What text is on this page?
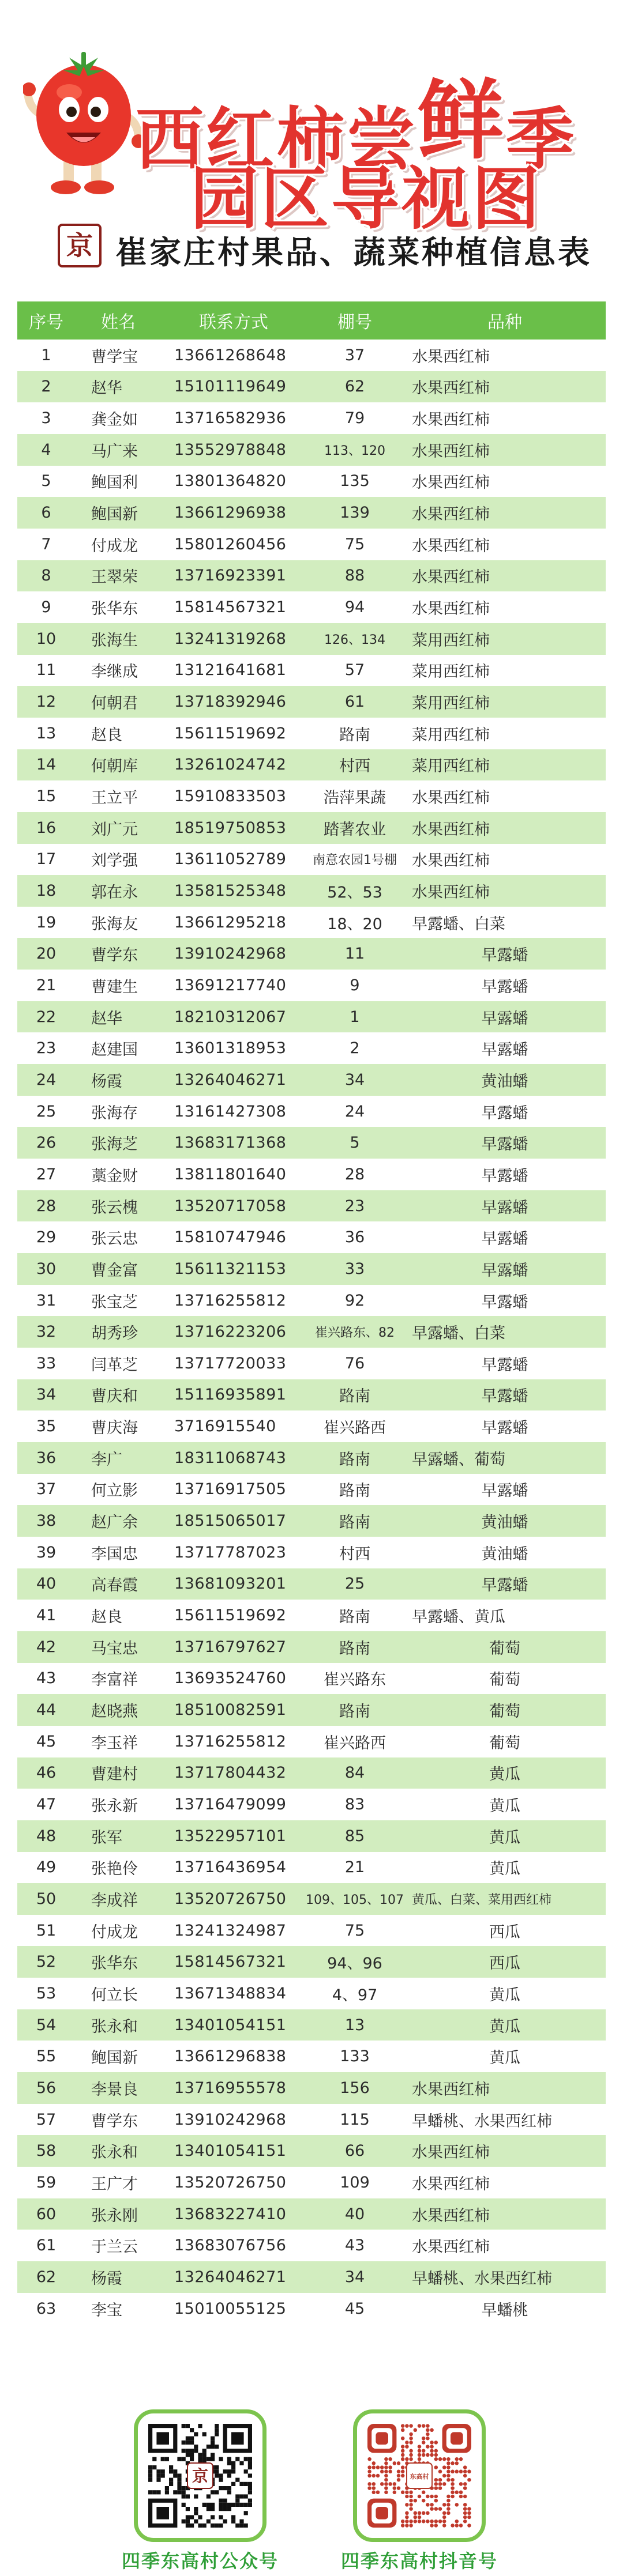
西红柿尝鲜季
园区导视图
京 崔家庄村果品、蔬菜种植信息表
序号	姓名	联系方式	棚号	品种
1	曹学宝	13661268648	37	水果西红柿
2	赵华	15101119649	62	水果西红柿
3	龚金如	13716582936	79	水果西红柿
4	马广来	13552978848	113、120	水果西红柿
5	鲍国利	13801364820	135	水果西红柿
6	鲍国新	13661296938	139	水果西红柿
7	付成龙	15801260456	75	水果西红柿
8	王翠荣	13716923391	88	水果西红柿
9	张华东	15814567321	94	水果西红柿
10	张海生	13241319268	126、134	菜用西红柿
11	李继成	13121641681	57	菜用西红柿
12	何朝君	13718392946	61	菜用西红柿
13	赵良	15611519692	路南	菜用西红柿
14	何朝库	13261024742	村西	菜用西红柿
15	王立平	15910833503	浩萍果蔬	水果西红柿
16	刘广元	18519750853	踏著农业	水果西红柿
17	刘学强	13611052789	南意农园1号棚	水果西红柿
18	郭在永	13581525348	52、53	水果西红柿
19	张海友	13661295218	18、20	早露蟠、白菜
20	曹学东	13910242968	11	早露蟠
21	曹建生	13691217740	9	早露蟠
22	赵华	18210312067	1	早露蟠
23	赵建国	13601318953	2	早露蟠
24	杨霞	13264046271	34	黄油蟠
25	张海存	13161427308	24	早露蟠
26	张海芝	13683171368	5	早露蟠
27	藁金财	13811801640	28	早露蟠
28	张云槐	13520717058	23	早露蟠
29	张云忠	15810747946	36	早露蟠
30	曹金富	15611321153	33	早露蟠
31	张宝芝	13716255812	92	早露蟠
32	胡秀珍	13716223206	崔兴路东、82	早露蟠、白菜
33	闫革芝	13717720033	76	早露蟠
34	曹庆和	15116935891	路南	早露蟠
35	曹庆海	3716915540	崔兴路西	早露蟠
36	李广	18311068743	路南	早露蟠、葡萄
37	何立影	13716917505	路南	早露蟠
38	赵广余	18515065017	路南	黄油蟠
39	李国忠	13717787023	村西	黄油蟠
40	高春霞	13681093201	25	早露蟠
41	赵良	15611519692	路南	早露蟠、黄瓜
42	马宝忠	13716797627	路南	葡萄
43	李富祥	13693524760	崔兴路东	葡萄
44	赵晓燕	18510082591	路南	葡萄
45	李玉祥	13716255812	崔兴路西	葡萄
46	曹建村	13717804432	84	黄瓜
47	张永新	13716479099	83	黄瓜
48	张军	13522957101	85	黄瓜
49	张艳伶	13716436954	21	黄瓜
50	李成祥	13520726750	109、105、107	黄瓜、白菜、菜用西红柿
51	付成龙	13241324987	75	西瓜
52	张华东	15814567321	94、96	西瓜
53	何立长	13671348834	4、97	黄瓜
54	张永和	13401054151	13	黄瓜
55	鲍国新	13661296838	133	黄瓜
56	李景良	13716955578	156	水果西红柿
57	曹学东	13910242968	115	早蟠桃、水果西红柿
58	张永和	13401054151	66	水果西红柿
59	王广才	13520726750	109	水果西红柿
60	张永刚	13683227410	40	水果西红柿
61	于兰云	13683076756	43	水果西红柿
62	杨霞	13264046271	34	早蟠桃、水果西红柿
63	李宝	15010055125	45	早蟠桃
京
四季东高村公众号
东高村
四季东高村抖音号
